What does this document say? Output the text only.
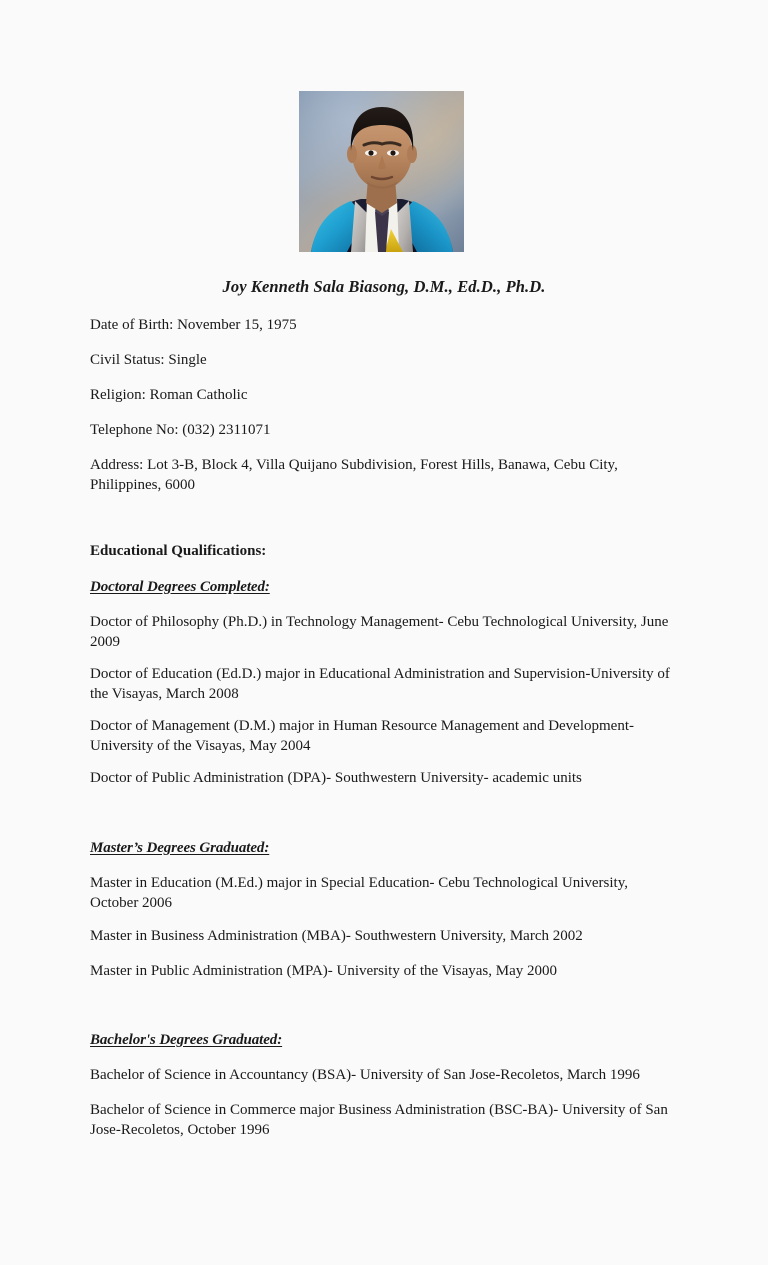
Joy Kenneth Sala Biasong, D.M., Ed.D., Ph.D.
Date of Birth: November 15, 1975
Civil Status: Single
Religion: Roman Catholic
Telephone No: (032) 2311071
Address: Lot 3-B, Block 4, Villa Quijano Subdivision, Forest Hills, Banawa, Cebu City, Philippines, 6000
Educational Qualifications:
Doctoral Degrees Completed:
Doctor of Philosophy (Ph.D.) in Technology Management- Cebu Technological University, June 2009
Doctor of Education (Ed.D.) major in Educational Administration and Supervision-University of the Visayas, March 2008
Doctor of Management (D.M.) major in Human Resource Management and Development- University of the Visayas, May 2004
Doctor of Public Administration (DPA)- Southwestern University- academic units
Master’s Degrees Graduated:
Master in Education (M.Ed.) major in Special Education- Cebu Technological University, October 2006
Master in Business Administration (MBA)- Southwestern University, March 2002
Master in Public Administration (MPA)- University of the Visayas, May 2000
Bachelor's Degrees Graduated:
Bachelor of Science in Accountancy (BSA)- University of San Jose-Recoletos, March 1996
Bachelor of Science in Commerce major Business Administration (BSC-BA)- University of San Jose-Recoletos, October 1996
